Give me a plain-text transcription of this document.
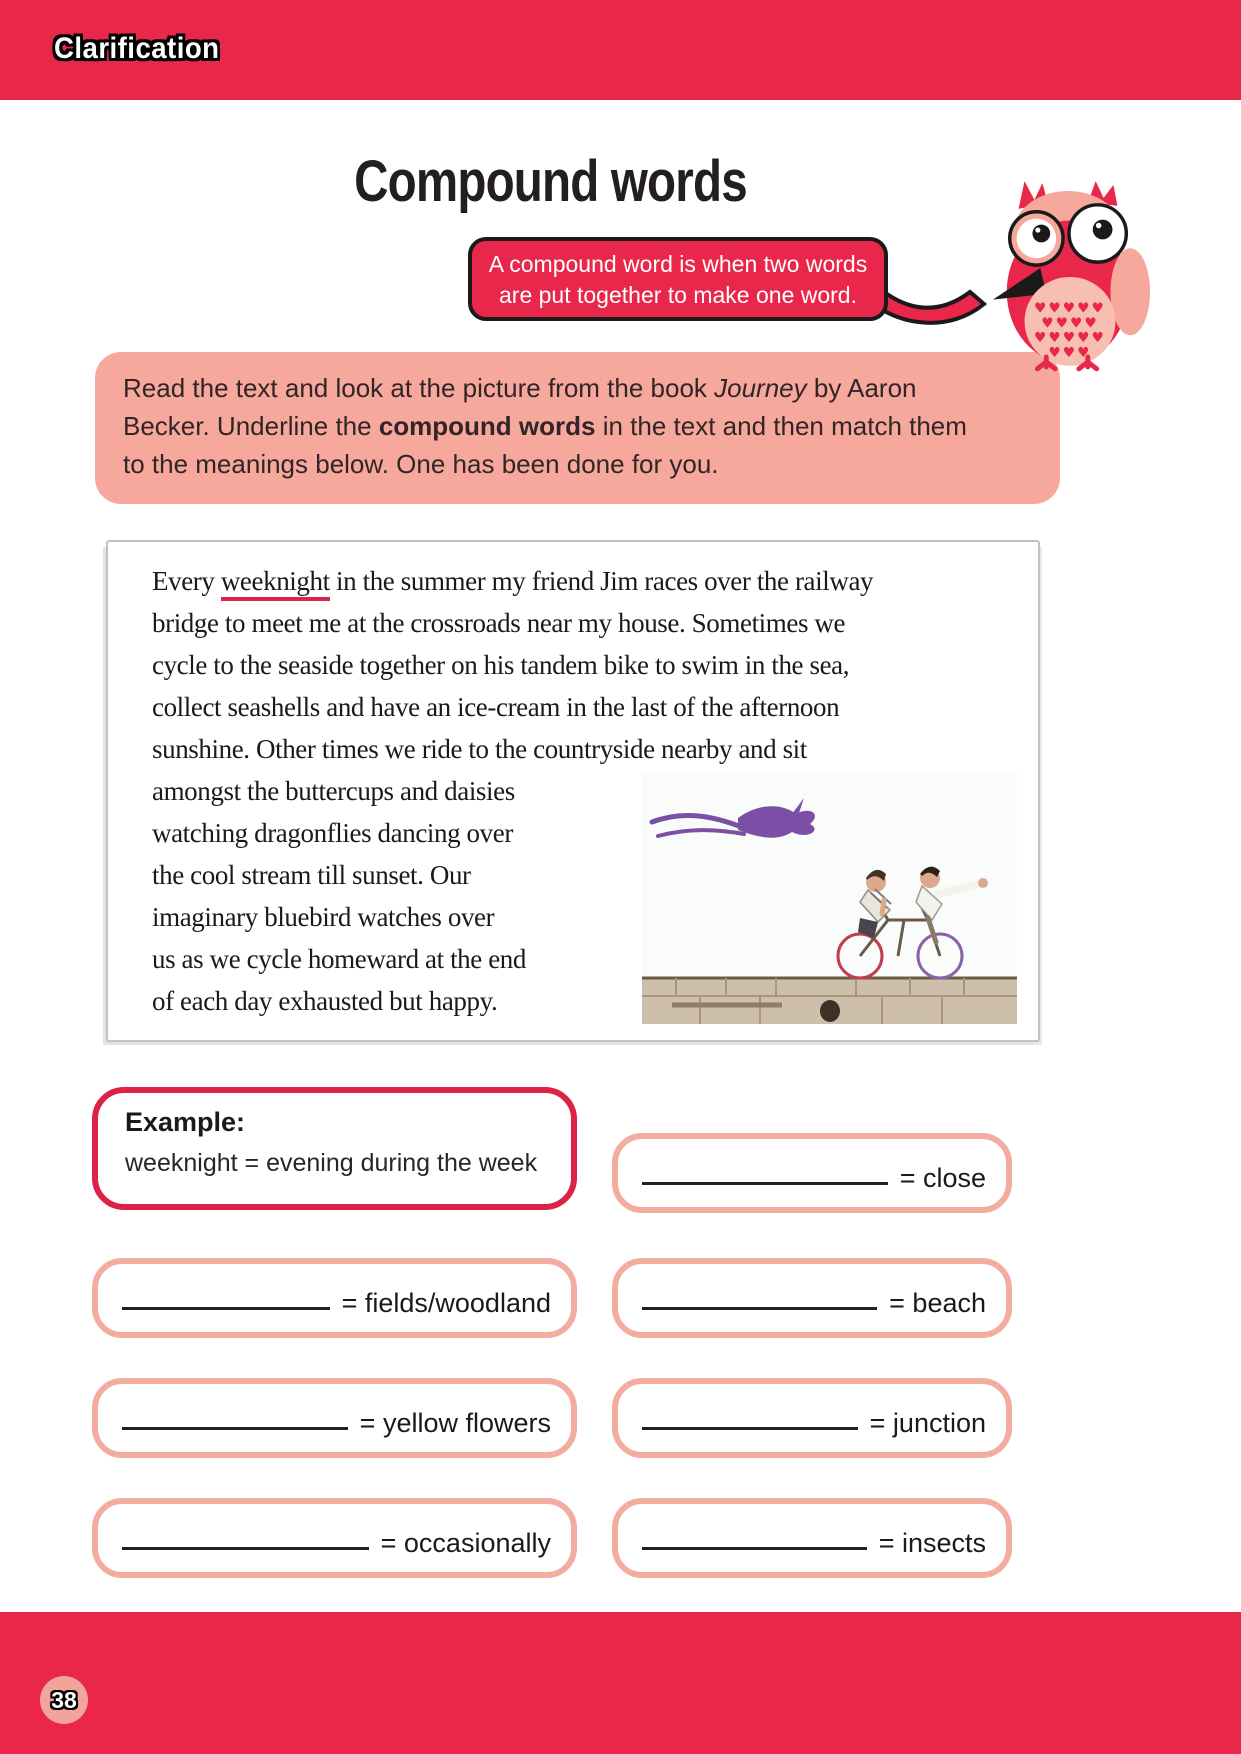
Clarification
Compound words
A compound word is when two words
are put together to make one word.
♥♥♥♥♥
♥♥♥♥
♥♥♥♥♥
♥♥♥
Read the text and look at the picture from the book Journey by Aaron
Becker. Underline the compound words in the text and then match them
to the meanings below. One has been done for you.
Every weeknight in the summer my friend Jim races over the railway
bridge to meet me at the crossroads near my house. Sometimes we
cycle to the seaside together on his tandem bike to swim in the sea,
collect seashells and have an ice-cream in the last of the afternoon
sunshine. Other times we ride to the countryside nearby and sit
amongst the buttercups and daisies
watching dragonflies dancing over
the cool stream till sunset. Our
imaginary bluebird watches over
us as we cycle homeward at the end
of each day exhausted but happy.
Example:
weeknight = evening during the week	= close
= fields/woodland	= beach
= yellow flowers	= junction
= occasionally	= insects
38
